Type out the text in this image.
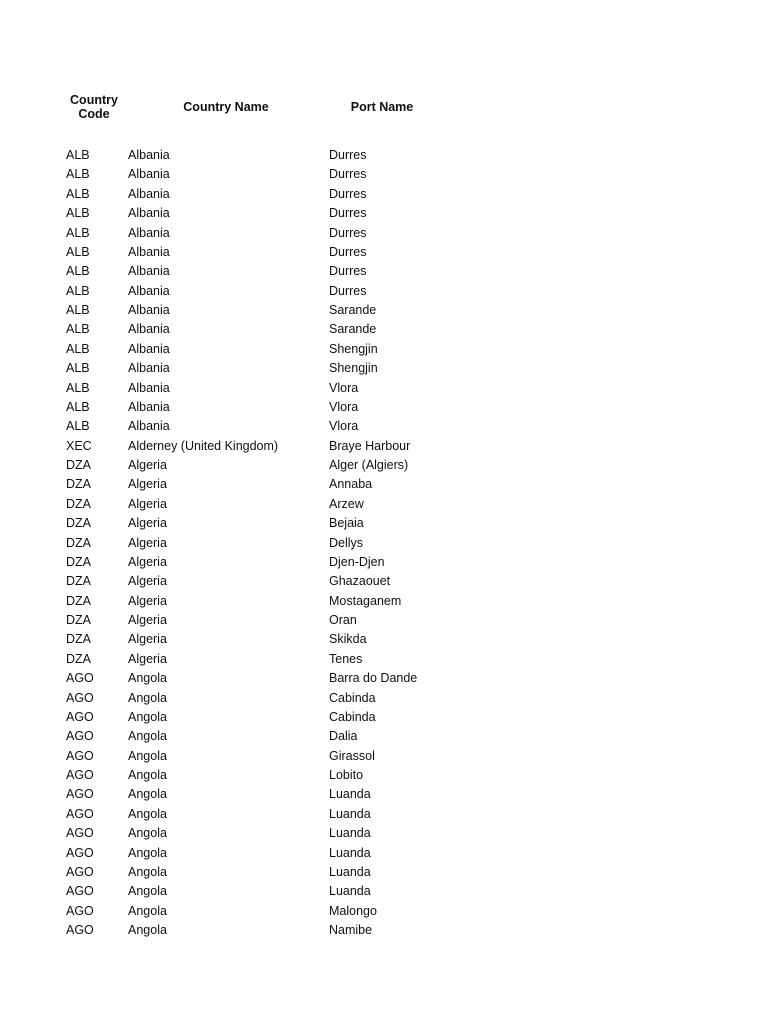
Country
Code	Country Name	Port Name
ALB	Albania	Durres
ALB	Albania	Durres
ALB	Albania	Durres
ALB	Albania	Durres
ALB	Albania	Durres
ALB	Albania	Durres
ALB	Albania	Durres
ALB	Albania	Durres
ALB	Albania	Sarande
ALB	Albania	Sarande
ALB	Albania	Shengjin
ALB	Albania	Shengjin
ALB	Albania	Vlora
ALB	Albania	Vlora
ALB	Albania	Vlora
XEC	Alderney (United Kingdom)	Braye Harbour
DZA	Algeria	Alger (Algiers)
DZA	Algeria	Annaba
DZA	Algeria	Arzew
DZA	Algeria	Bejaia
DZA	Algeria	Dellys
DZA	Algeria	Djen-Djen
DZA	Algeria	Ghazaouet
DZA	Algeria	Mostaganem
DZA	Algeria	Oran
DZA	Algeria	Skikda
DZA	Algeria	Tenes
AGO	Angola	Barra do Dande
AGO	Angola	Cabinda
AGO	Angola	Cabinda
AGO	Angola	Dalia
AGO	Angola	Girassol
AGO	Angola	Lobito
AGO	Angola	Luanda
AGO	Angola	Luanda
AGO	Angola	Luanda
AGO	Angola	Luanda
AGO	Angola	Luanda
AGO	Angola	Luanda
AGO	Angola	Malongo
AGO	Angola	Namibe
